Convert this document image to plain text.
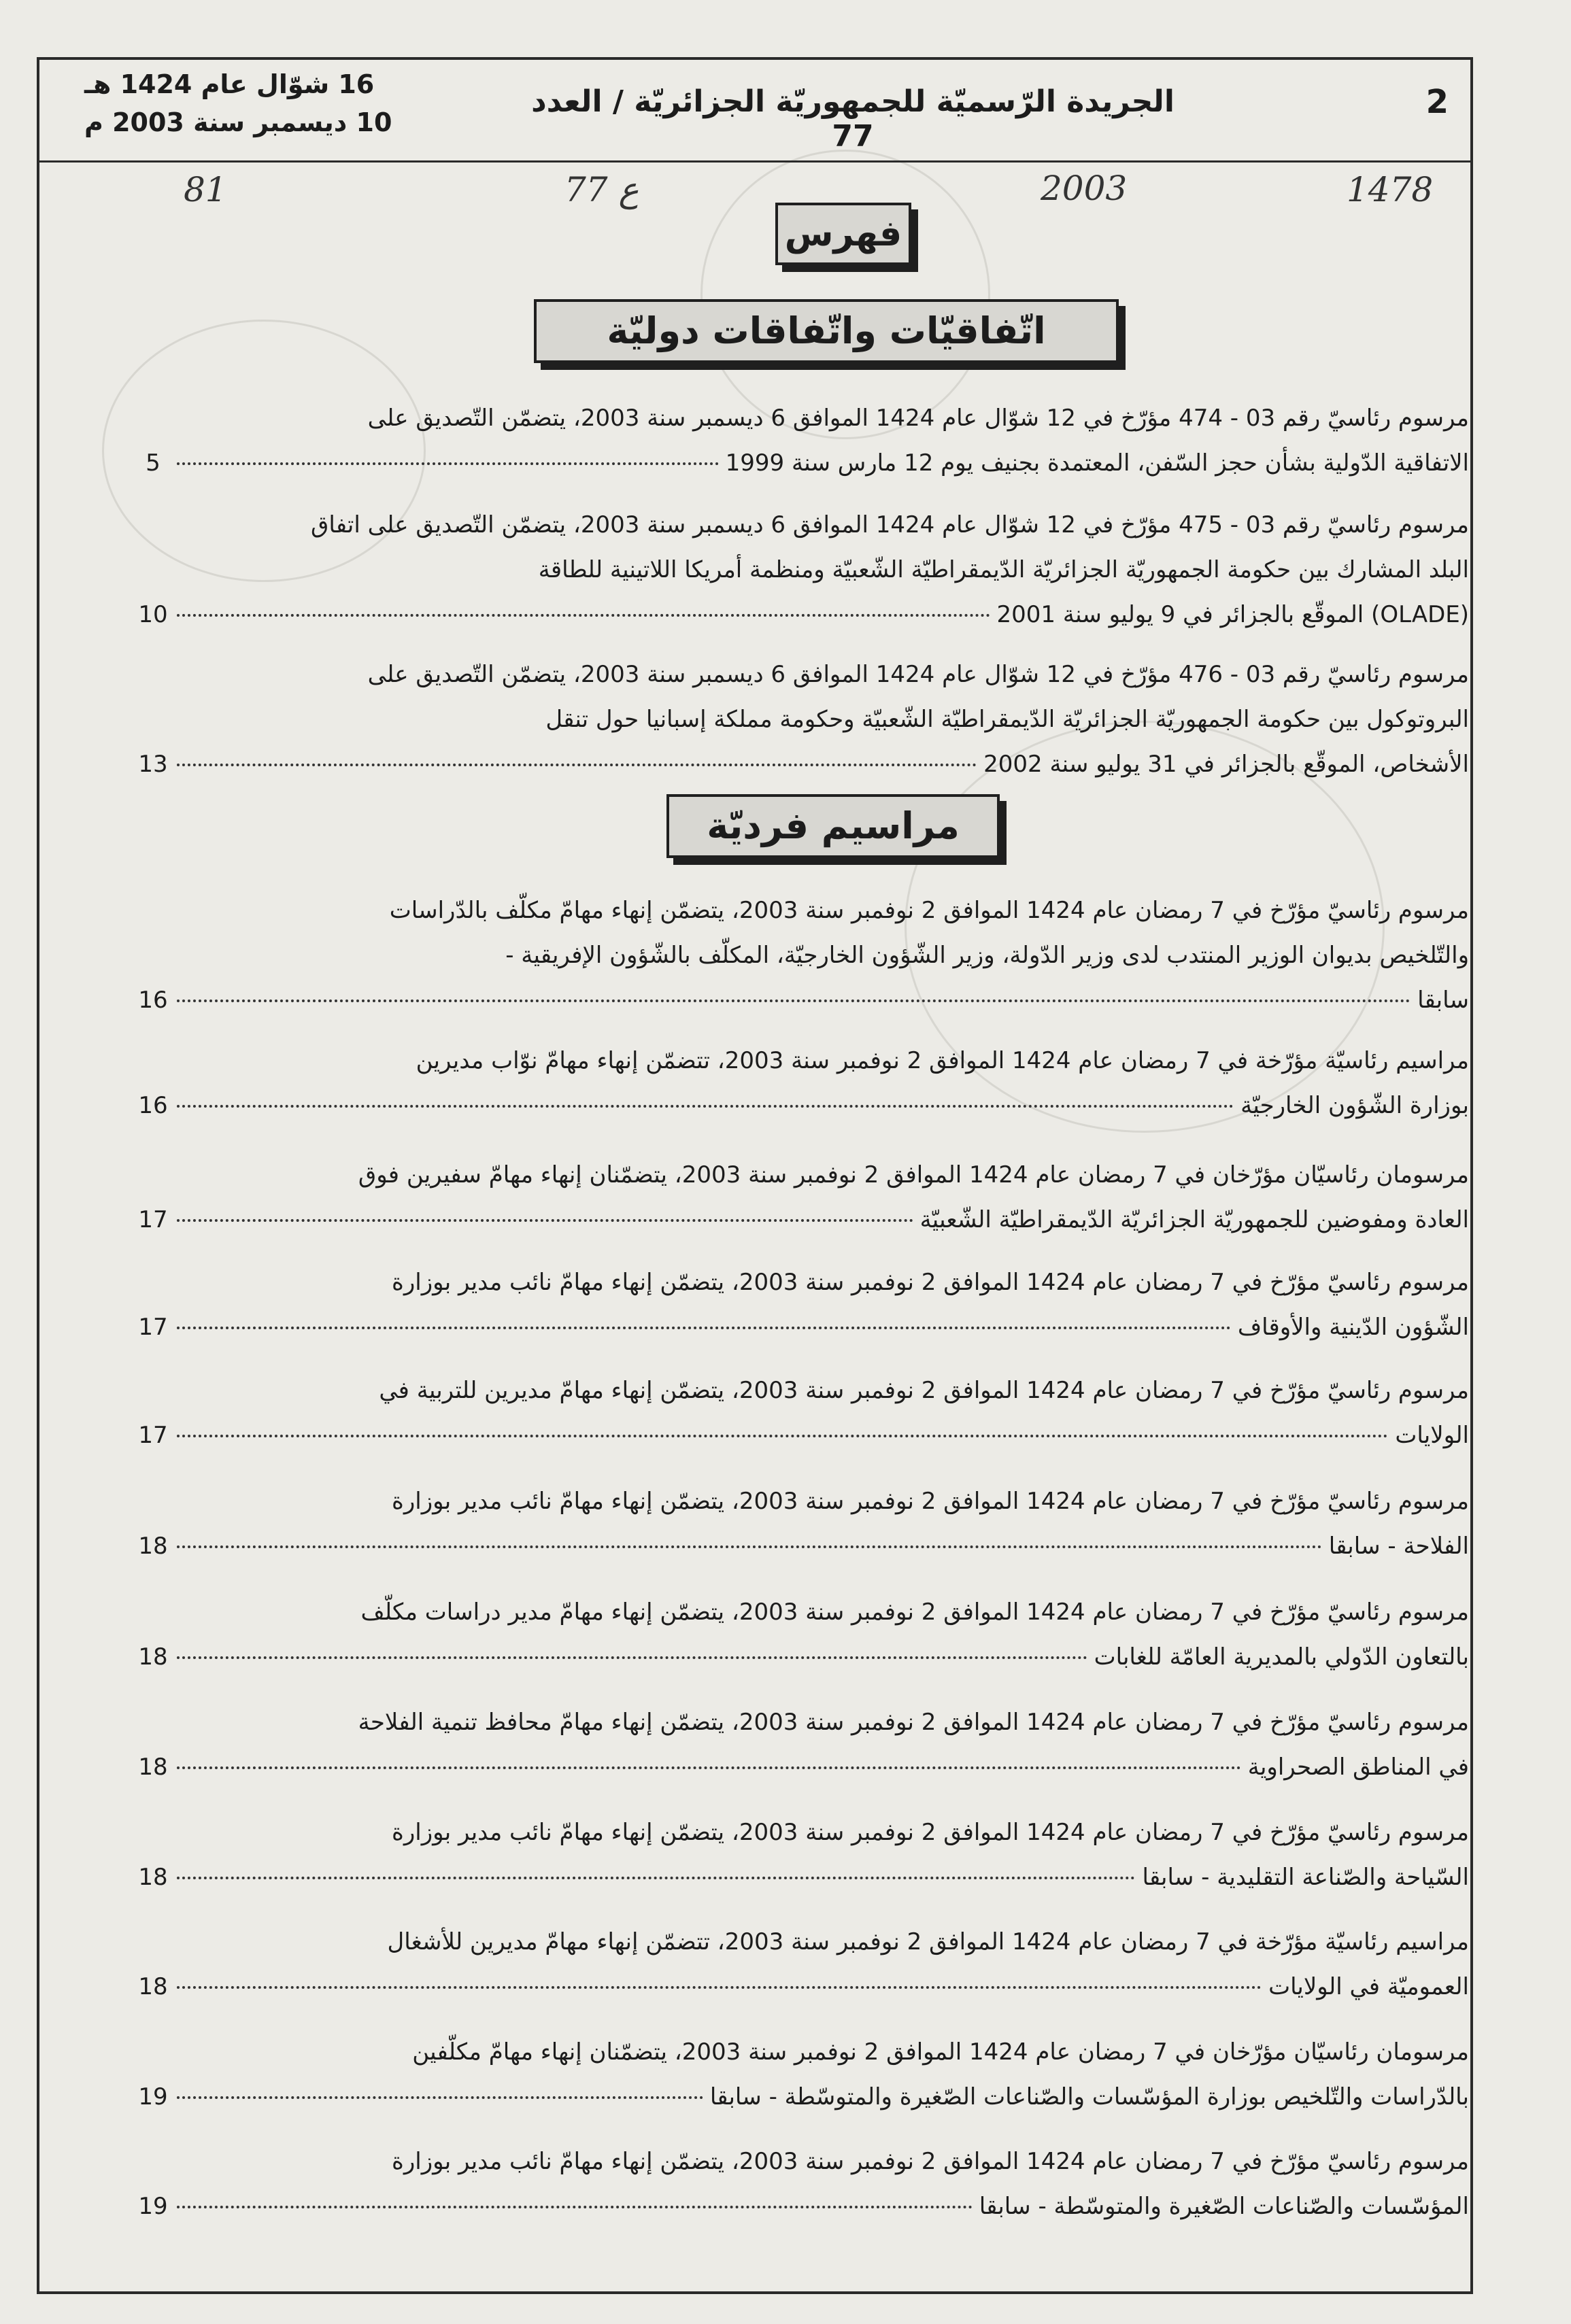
2
الجريدة الرّسميّة للجمهوريّة الجزائريّة / العدد 77
16 شوّال عام 1424 هـ
10 ديسمبر سنة 2003 م
81	77 ع	2003	1478
فهرس
اتّفاقيّات واتّفاقات دوليّة
مراسيم فرديّة
مرسوم رئاسيّ رقم 03 - 474 مؤرّخ في 12 شوّال عام 1424 الموافق 6 ديسمبر سنة 2003، يتضمّن التّصديق على
الاتفاقية الدّولية بشأن حجز السّفن، المعتمدة بجنيف يوم 12 مارس سنة 1999
5
مرسوم رئاسيّ رقم 03 - 475 مؤرّخ في 12 شوّال عام 1424 الموافق 6 ديسمبر سنة 2003، يتضمّن التّصديق على اتفاق
البلد المشارك بين حكومة الجمهوريّة الجزائريّة الدّيمقراطيّة الشّعبيّة ومنظمة أمريكا اللاتينية للطاقة
(OLADE) الموقّع بالجزائر في 9 يوليو سنة 2001
10
مرسوم رئاسيّ رقم 03 - 476 مؤرّخ في 12 شوّال عام 1424 الموافق 6 ديسمبر سنة 2003، يتضمّن التّصديق على
البروتوكول بين حكومة الجمهوريّة الجزائريّة الدّيمقراطيّة الشّعبيّة وحكومة مملكة إسبانيا حول تنقل
الأشخاص، الموقّع بالجزائر في 31 يوليو سنة 2002
13
مرسوم رئاسيّ مؤرّخ في 7 رمضان عام 1424 الموافق 2 نوفمبر سنة 2003، يتضمّن إنهاء مهامّ مكلّف بالدّراسات
والتّلخيص بديوان الوزير المنتدب لدى وزير الدّولة، وزير الشّؤون الخارجيّة، المكلّف بالشّؤون الإفريقية -
سابقا
16
مراسيم رئاسيّة مؤرّخة في 7 رمضان عام 1424 الموافق 2 نوفمبر سنة 2003، تتضمّن إنهاء مهامّ نوّاب مديرين
بوزارة الشّؤون الخارجيّة
16
مرسومان رئاسيّان مؤرّخان في 7 رمضان عام 1424 الموافق 2 نوفمبر سنة 2003، يتضمّنان إنهاء مهامّ سفيرين فوق
العادة ومفوضين للجمهوريّة الجزائريّة الدّيمقراطيّة الشّعبيّة
17
مرسوم رئاسيّ مؤرّخ في 7 رمضان عام 1424 الموافق 2 نوفمبر سنة 2003، يتضمّن إنهاء مهامّ نائب مدير بوزارة
الشّؤون الدّينية والأوقاف
17
مرسوم رئاسيّ مؤرّخ في 7 رمضان عام 1424 الموافق 2 نوفمبر سنة 2003، يتضمّن إنهاء مهامّ مديرين للتربية في
الولايات
17
مرسوم رئاسيّ مؤرّخ في 7 رمضان عام 1424 الموافق 2 نوفمبر سنة 2003، يتضمّن إنهاء مهامّ نائب مدير بوزارة
الفلاحة - سابقا
18
مرسوم رئاسيّ مؤرّخ في 7 رمضان عام 1424 الموافق 2 نوفمبر سنة 2003، يتضمّن إنهاء مهامّ مدير دراسات مكلّف
بالتعاون الدّولي بالمديرية العامّة للغابات
18
مرسوم رئاسيّ مؤرّخ في 7 رمضان عام 1424 الموافق 2 نوفمبر سنة 2003، يتضمّن إنهاء مهامّ محافظ تنمية الفلاحة
في المناطق الصحراوية
18
مرسوم رئاسيّ مؤرّخ في 7 رمضان عام 1424 الموافق 2 نوفمبر سنة 2003، يتضمّن إنهاء مهامّ نائب مدير بوزارة
السّياحة والصّناعة التقليدية - سابقا
18
مراسيم رئاسيّة مؤرّخة في 7 رمضان عام 1424 الموافق 2 نوفمبر سنة 2003، تتضمّن إنهاء مهامّ مديرين للأشغال
العموميّة في الولايات
18
مرسومان رئاسيّان مؤرّخان في 7 رمضان عام 1424 الموافق 2 نوفمبر سنة 2003، يتضمّنان إنهاء مهامّ مكلّفين
بالدّراسات والتّلخيص بوزارة المؤسّسات والصّناعات الصّغيرة والمتوسّطة - سابقا
19
مرسوم رئاسيّ مؤرّخ في 7 رمضان عام 1424 الموافق 2 نوفمبر سنة 2003، يتضمّن إنهاء مهامّ نائب مدير بوزارة
المؤسّسات والصّناعات الصّغيرة والمتوسّطة - سابقا
19
